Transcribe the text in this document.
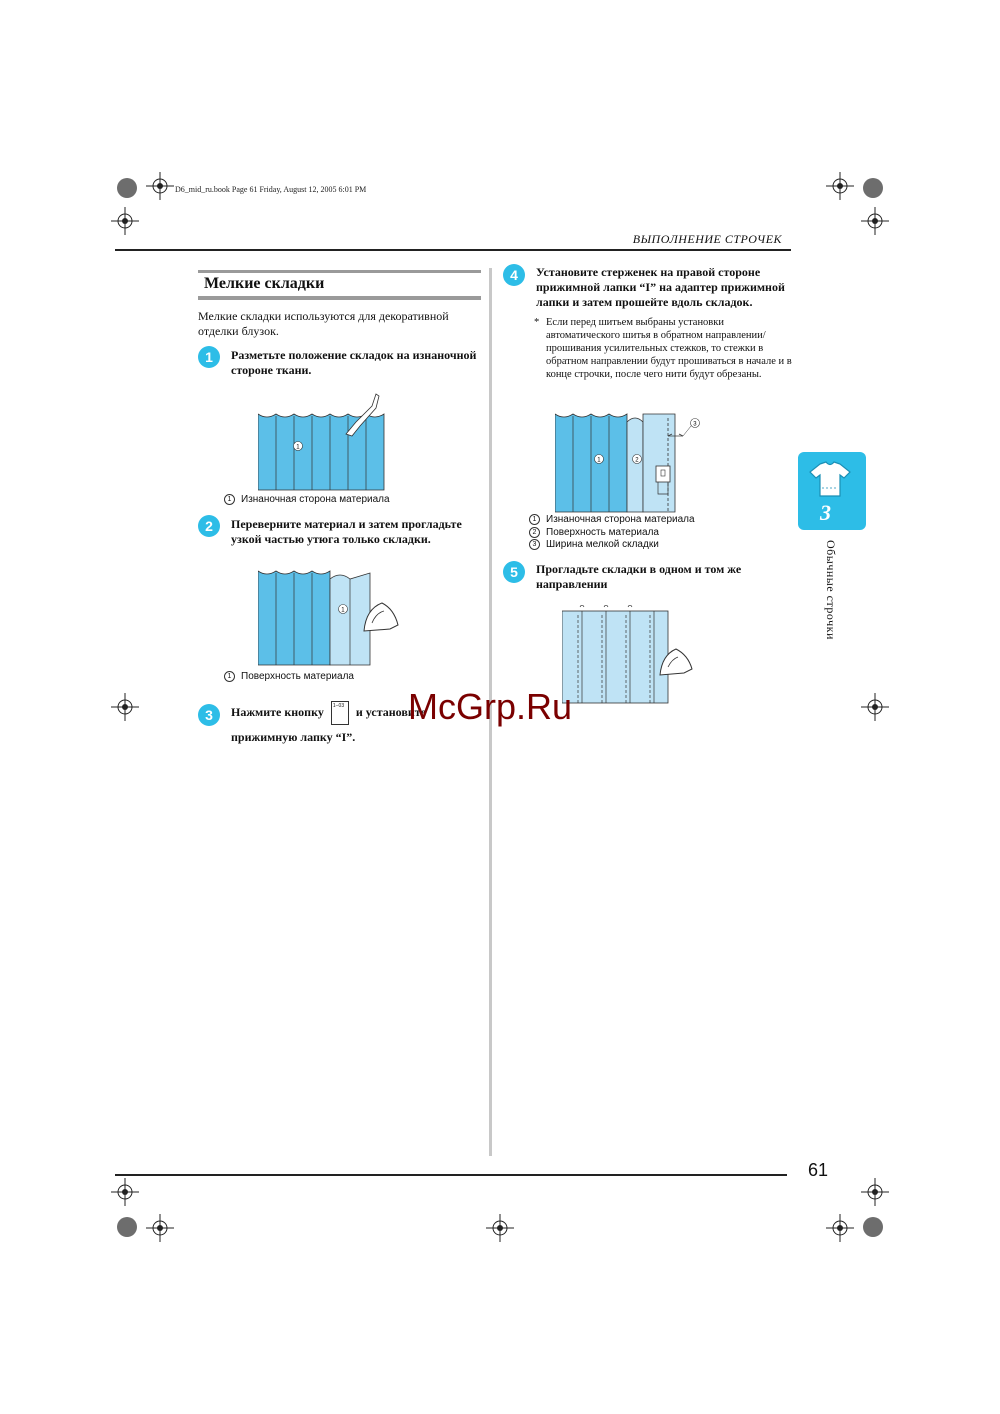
D6_mid_ru.book Page 61 Friday, August 12, 2005 6:01 PM
ВЫПОЛНЕНИЕ СТРОЧЕК
Мелкие складки
Мелкие складки используются для декоративной отделки блузок.
1	Разметьте положение складок на изнаночной стороне ткани.
1
1 Изнаночная сторона материала
2	Переверните материал и затем прогладьте узкой частью утюга только складки.
1
1 Поверхность материала
3	Нажмите кнопку 1−03 и установите прижимную лапку “I”.
4	Установите стерженек на правой стороне прижимной лапки “I” на адаптер прижимной лапки и затем прошейте вдоль складок.
* Если перед шитьем выбраны установки автоматического шитья в обратном направлении/прошивания усилительных стежков, то стежки в обратном направлении будут прошиваться в начале и в конце строчки, после чего нити будут обрезаны.
1	2
3
1 Изнаночная сторона материала
2 Поверхность материала
3 Ширина мелкой складки
5	Прогладьте складки в одном и том же направлении
3
Обычные строчки
McGrp.Ru
61
